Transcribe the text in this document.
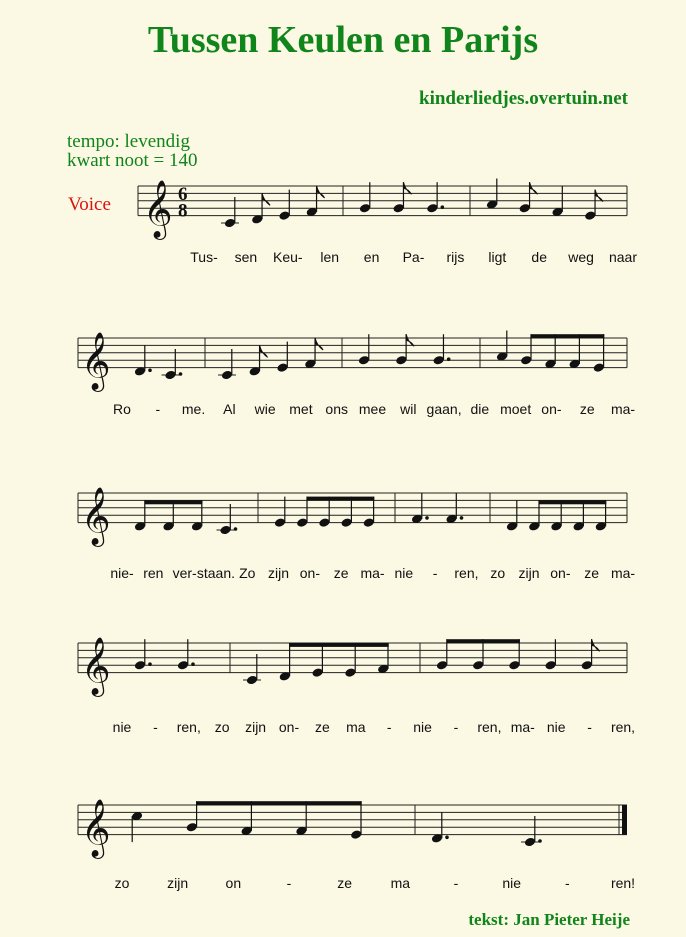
Tussen Keulen en Parijs
kinderliedjes.overtuin.net
tempo: levendig
kwart noot = 140
Voice
tekst: Jan Pieter Heije
𝄞 6
8
Tus- sen Keu- len en Pa- rijs ligt de weg naar
𝄞
Ro - me. Al wie met ons mee wil gaan, die moet on- ze ma-
𝄞
nie- ren ver- staan. Zo zijn on- ze ma- nie - ren, zo zijn on- ze ma-
𝄞
nie - ren, zo zijn on- ze ma - nie - ren, ma- nie - ren,
𝄞
zo	zijn	on	-	ze	ma	-	nie	-	ren!
